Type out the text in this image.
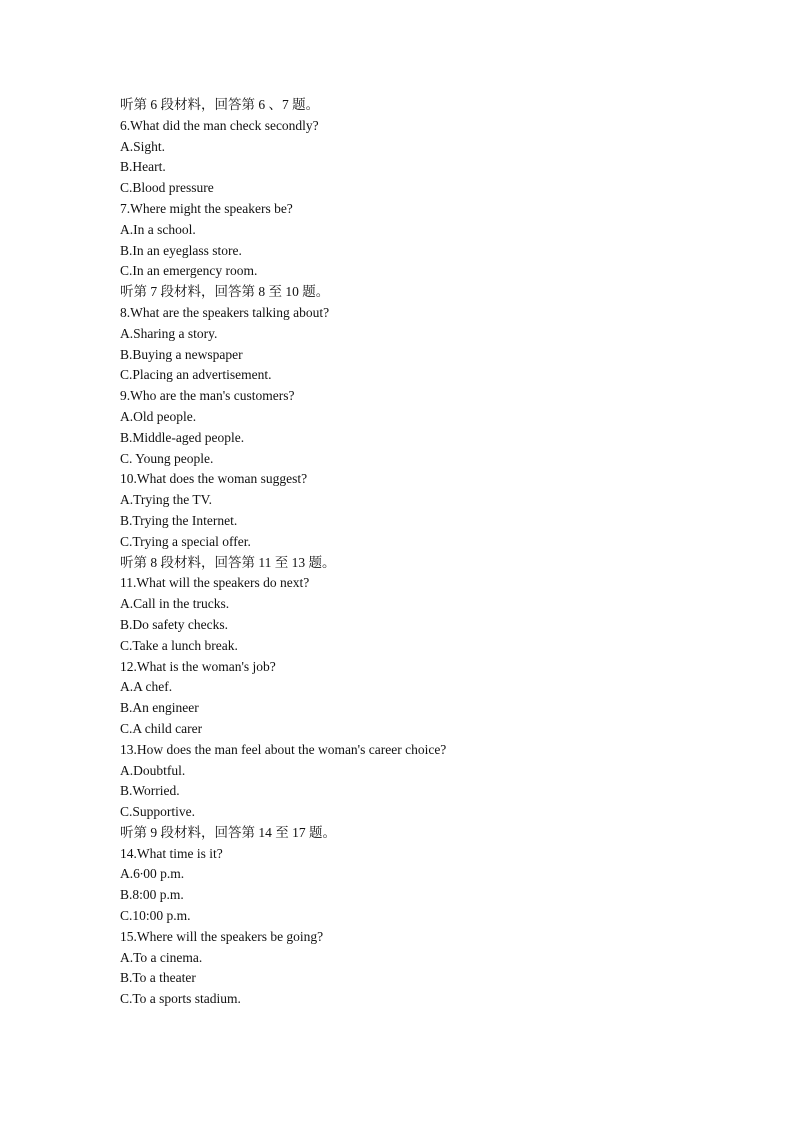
听第 6 段材料，回答第 6 、7 题。
6.What did the man check secondly?
A.Sight.
B.Heart.
C.Blood pressure
7.Where might the speakers be?
A.In a school.
B.In an eyeglass store.
C.In an emergency room.
听第 7 段材料，回答第 8 至 10 题。
8.What are the speakers talking about?
A.Sharing a story.
B.Buying a newspaper
C.Placing an advertisement.
9.Who are the man's customers?
A.Old people.
B.Middle-aged people.
C. Young people.
10.What does the woman suggest?
A.Trying the TV.
B.Trying the Internet.
C.Trying a special offer.
听第 8 段材料，回答第 11 至 13 题。
11.What will the speakers do next?
A.Call in the trucks.
B.Do safety checks.
C.Take a lunch break.
12.What is the woman's job?
A.A chef.
B.An engineer
C.A child carer
13.How does the man feel about the woman's career choice?
A.Doubtful.
B.Worried.
C.Supportive.
听第 9 段材料，回答第 14 至 17 题。
14.What time is it?
A.6∙00 p.m.
B.8:00 p.m.
C.10:00 p.m.
15.Where will the speakers be going?
A.To a cinema.
B.To a theater
C.To a sports stadium.
